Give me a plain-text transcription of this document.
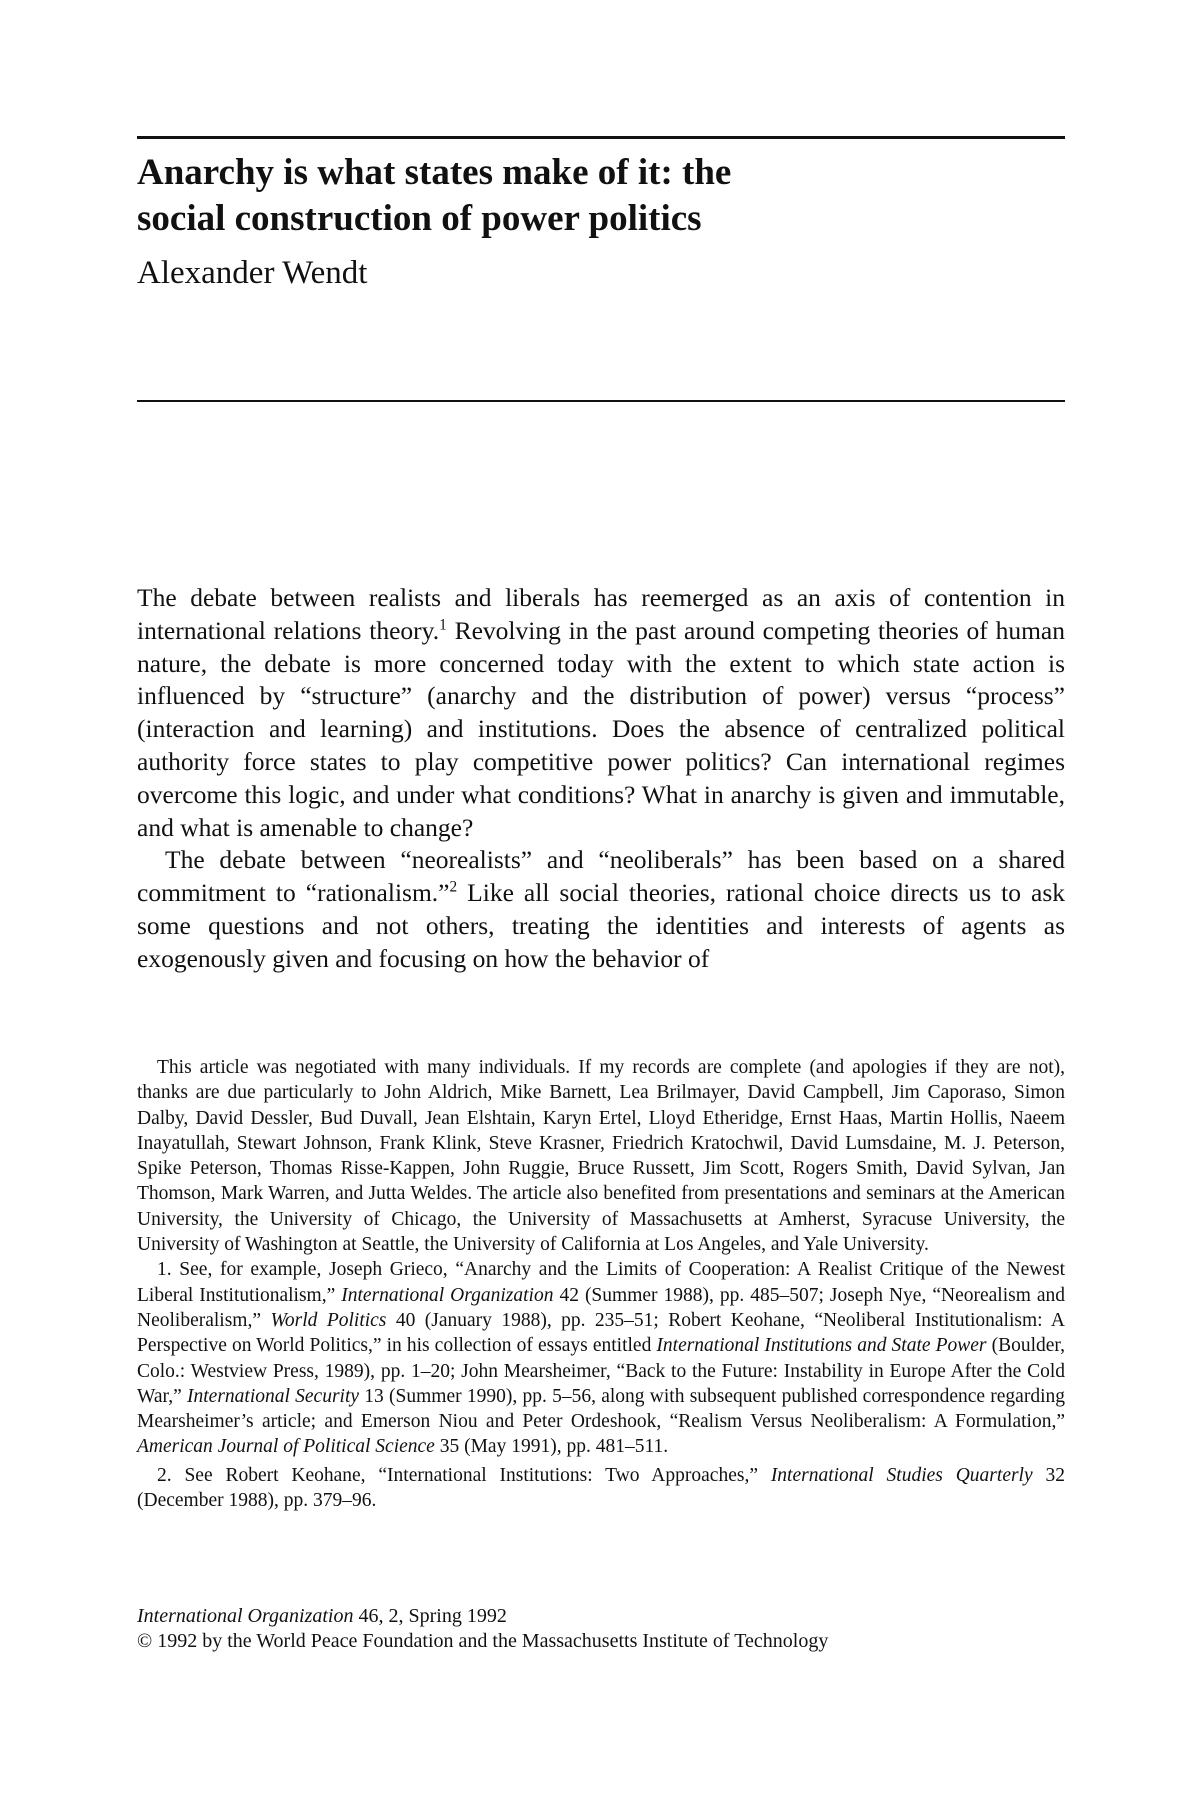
Anarchy is what states make of it: the
social construction of power politics
Alexander Wendt

The debate between realists and liberals has reemerged as an axis of contention in international relations theory.$^1$ Revolving in the past around competing theories of human nature, the debate is more concerned today with the extent to which state action is influenced by “structure” (anarchy and the distribution of power) versus “process” (interaction and learning) and institutions. Does the absence of centralized political authority force states to play competitive power politics? Can international regimes overcome this logic, and under what conditions? What in anarchy is given and immutable, and what is amenable to change?

The debate between “neorealists” and “neoliberals” has been based on a shared commitment to “rationalism.”$^2$ Like all social theories, rational choice directs us to ask some questions and not others, treating the identities and interests of agents as exogenously given and focusing on how the behavior of

This article was negotiated with many individuals. If my records are complete (and apologies if they are not), thanks are due particularly to John Aldrich, Mike Barnett, Lea Brilmayer, David Campbell, Jim Caporaso, Simon Dalby, David Dessler, Bud Duvall, Jean Elshtain, Karyn Ertel, Lloyd Etheridge, Ernst Haas, Martin Hollis, Naeem Inayatullah, Stewart Johnson, Frank Klink, Steve Krasner, Friedrich Kratochwil, David Lumsdaine, M. J. Peterson, Spike Peterson, Thomas Risse-Kappen, John Ruggie, Bruce Russett, Jim Scott, Rogers Smith, David Sylvan, Jan Thomson, Mark Warren, and Jutta Weldes. The article also benefited from presentations and seminars at the American University, the University of Chicago, the University of Massachusetts at Amherst, Syracuse University, the University of Washington at Seattle, the University of California at Los Angeles, and Yale University.

1. See, for example, Joseph Grieco, “Anarchy and the Limits of Cooperation: A Realist Critique of the Newest Liberal Institutionalism,” International Organization 42 (Summer 1988), pp. 485–507; Joseph Nye, “Neorealism and Neoliberalism,” World Politics 40 (January 1988), pp. 235–51; Robert Keohane, “Neoliberal Institutionalism: A Perspective on World Politics,” in his collection of essays entitled International Institutions and State Power (Boulder, Colo.: Westview Press, 1989), pp. 1–20; John Mearsheimer, “Back to the Future: Instability in Europe After the Cold War,” International Security 13 (Summer 1990), pp. 5–56, along with subsequent published correspondence regarding Mearsheimer’s article; and Emerson Niou and Peter Ordeshook, “Realism Versus Neoliberalism: A Formulation,” American Journal of Political Science 35 (May 1991), pp. 481–511.

2. See Robert Keohane, “International Institutions: Two Approaches,” International Studies Quarterly 32 (December 1988), pp. 379–96.

International Organization 46, 2, Spring 1992
© 1992 by the World Peace Foundation and the Massachusetts Institute of Technology
